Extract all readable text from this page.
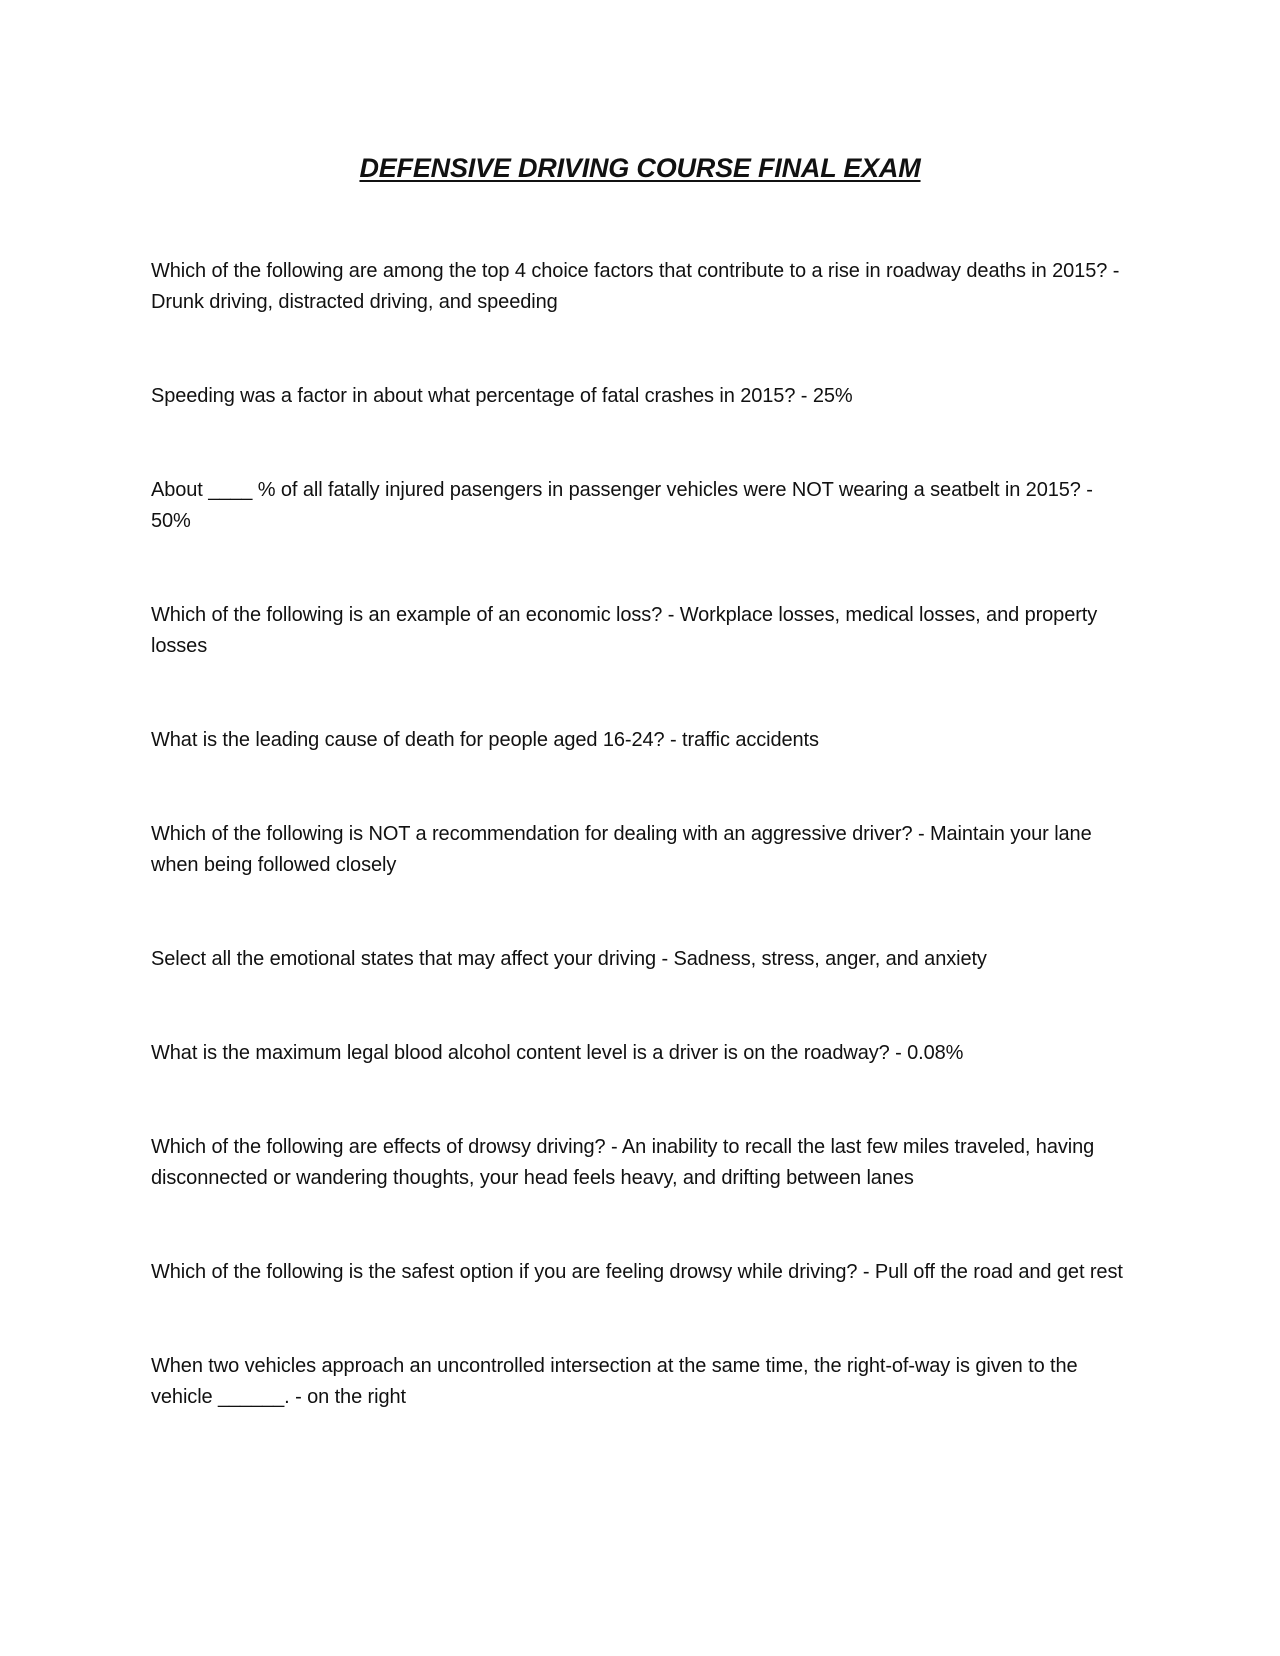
DEFENSIVE DRIVING COURSE FINAL EXAM

Which of the following are among the top 4 choice factors that contribute to a rise in roadway deaths in 2015? - Drunk driving, distracted driving, and speeding

Speeding was a factor in about what percentage of fatal crashes in 2015? - 25%

About ____ % of all fatally injured pasengers in passenger vehicles were NOT wearing a seatbelt in 2015? - 50%

Which of the following is an example of an economic loss? - Workplace losses, medical losses, and property losses

What is the leading cause of death for people aged 16-24? - traffic accidents

Which of the following is NOT a recommendation for dealing with an aggressive driver? - Maintain your lane when being followed closely

Select all the emotional states that may affect your driving - Sadness, stress, anger, and anxiety

What is the maximum legal blood alcohol content level is a driver is on the roadway? - 0.08%

Which of the following are effects of drowsy driving? - An inability to recall the last few miles traveled, having disconnected or wandering thoughts, your head feels heavy, and drifting between lanes

Which of the following is the safest option if you are feeling drowsy while driving? - Pull off the road and get rest

When two vehicles approach an uncontrolled intersection at the same time, the right-of-way is given to the vehicle ______. - on the right
